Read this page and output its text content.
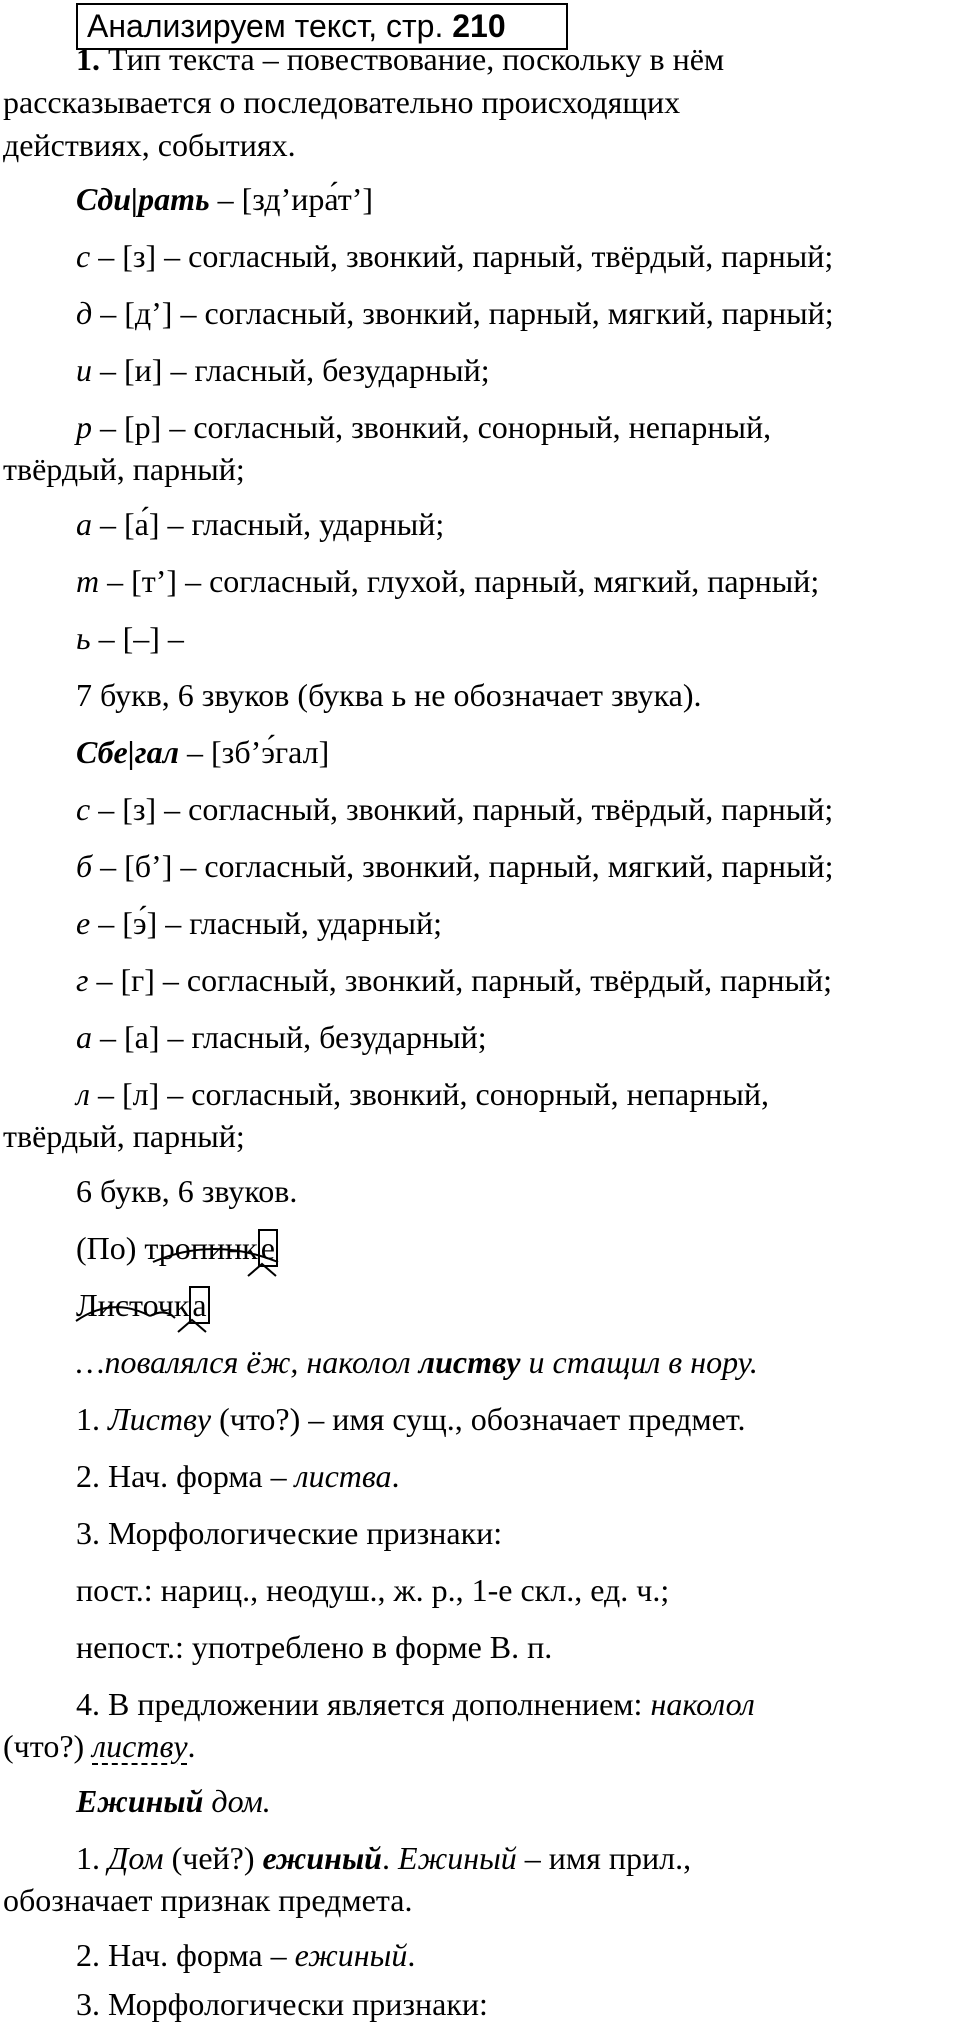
Анализируем текст, стр. 210
1. Тип текста – повествование, поскольку в нём
рассказывается о последовательно происходящих
действиях, событиях.
Сди|рать – [зд’ира́т’]
с – [з] – согласный, звонкий, парный, твёрдый, парный;
д – [д’] – согласный, звонкий, парный, мягкий, парный;
и – [и] – гласный, безударный;
р – [р] – согласный, звонкий, сонорный, непарный,
твёрдый, парный;
а – [а́] – гласный, ударный;
т – [т’] – согласный, глухой, парный, мягкий, парный;
ь – [–] –
7 букв, 6 звуков (буква ь не обозначает звука).
Сбе|гал – [зб’э́гал]
с – [з] – согласный, звонкий, парный, твёрдый, парный;
б – [б’] – согласный, звонкий, парный, мягкий, парный;
е – [э́] – гласный, ударный;
г – [г] – согласный, звонкий, парный, твёрдый, парный;
а – [а] – гласный, безударный;
л – [л] – согласный, звонкий, сонорный, непарный,
твёрдый, парный;
6 букв, 6 звуков.
(По) тропинке
Листочка
…повалялся ёж, наколол листву и стащил в нору.
1. Листву (что?) – имя сущ., обозначает предмет.
2. Нач. форма – листва.
3. Морфологические признаки:
пост.: нариц., неодуш., ж. р., 1-е скл., ед. ч.;
непост.: употреблено в форме В. п.
4. В предложении является дополнением: наколол
(что?) листву.
Ежиный дом.
1. Дом (чей?) ежиный. Ежиный – имя прил.,
обозначает признак предмета.
2. Нач. форма – ежиный.
3. Морфологически признаки:
